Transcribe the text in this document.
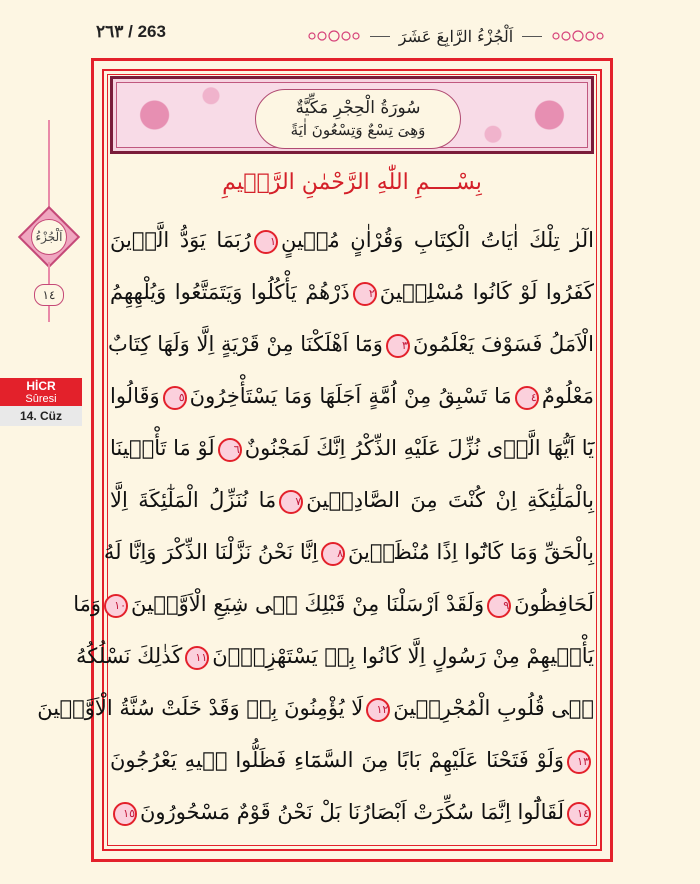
٢٦٣ / 263	اَلْجُزْءُ الرَّابِعَ عَشَرَ
سُورَةُ الْحِجْرِ مَكِّيَّةٌ
وَهِىَ تِسْعٌ وَتِسْعُونَ اٰيَةً
بِسْــــمِ اللّٰهِ الرَّحْمٰنِ الرَّح۪يمِ
الٓرٰ تِلْكَ اٰيَاتُ الْكِتَابِ وَقُرْاٰنٍ مُب۪ينٍ١رُبَمَا يَوَدُّ الَّذ۪ينَ
كَفَرُوا لَوْ كَانُوا مُسْلِم۪ينَ٢ذَرْهُمْ يَأْكُلُوا وَيَتَمَتَّعُوا وَيُلْهِهِمُ
الْاَمَلُ فَسَوْفَ يَعْلَمُونَ٣وَمَٓا اَهْلَكْنَا مِنْ قَرْيَةٍ اِلَّا وَلَهَا كِتَابٌ
مَعْلُومٌ٤مَا تَسْبِقُ مِنْ اُمَّةٍ اَجَلَهَا وَمَا يَسْتَأْخِرُونَ٥وَقَالُوا
يَٓا اَيُّهَا الَّذ۪ى نُزِّلَ عَلَيْهِ الذِّكْرُ اِنَّكَ لَمَجْنُونٌ٦لَوْ مَا تَأْت۪ينَا
بِالْمَلٰٓئِكَةِ اِنْ كُنْتَ مِنَ الصَّادِق۪ينَ٧مَا نُنَزِّلُ الْمَلٰٓئِكَةَ اِلَّا
بِالْحَقِّ وَمَا كَانُٓوا اِذًا مُنْظَر۪ينَ٨اِنَّا نَحْنُ نَزَّلْنَا الذِّكْرَ وَاِنَّا لَهُ
لَحَافِظُونَ٩وَلَقَدْ اَرْسَلْنَا مِنْ قَبْلِكَ ف۪ى شِيَعِ الْاَوَّل۪ينَ١٠وَمَا
يَأْت۪يهِمْ مِنْ رَسُولٍ اِلَّا كَانُوا بِه۪ يَسْتَهْزِؤُ۫نَ١١كَذٰلِكَ نَسْلُكُهُ
ف۪ى قُلُوبِ الْمُجْرِم۪ينَ١٢لَا يُؤْمِنُونَ بِه۪ وَقَدْ خَلَتْ سُنَّةُ الْاَوَّل۪ينَ
١٣وَلَوْ فَتَحْنَا عَلَيْهِمْ بَابًا مِنَ السَّمَٓاءِ فَظَلُّوا ف۪يهِ يَعْرُجُونَ
١٤لَقَالُٓوا اِنَّمَا سُكِّرَتْ اَبْصَارُنَا بَلْ نَحْنُ قَوْمٌ مَسْحُورُونَ١٥
اَلْجُزْءُ
١٤
HİCR
Sûresi
14. Cüz
